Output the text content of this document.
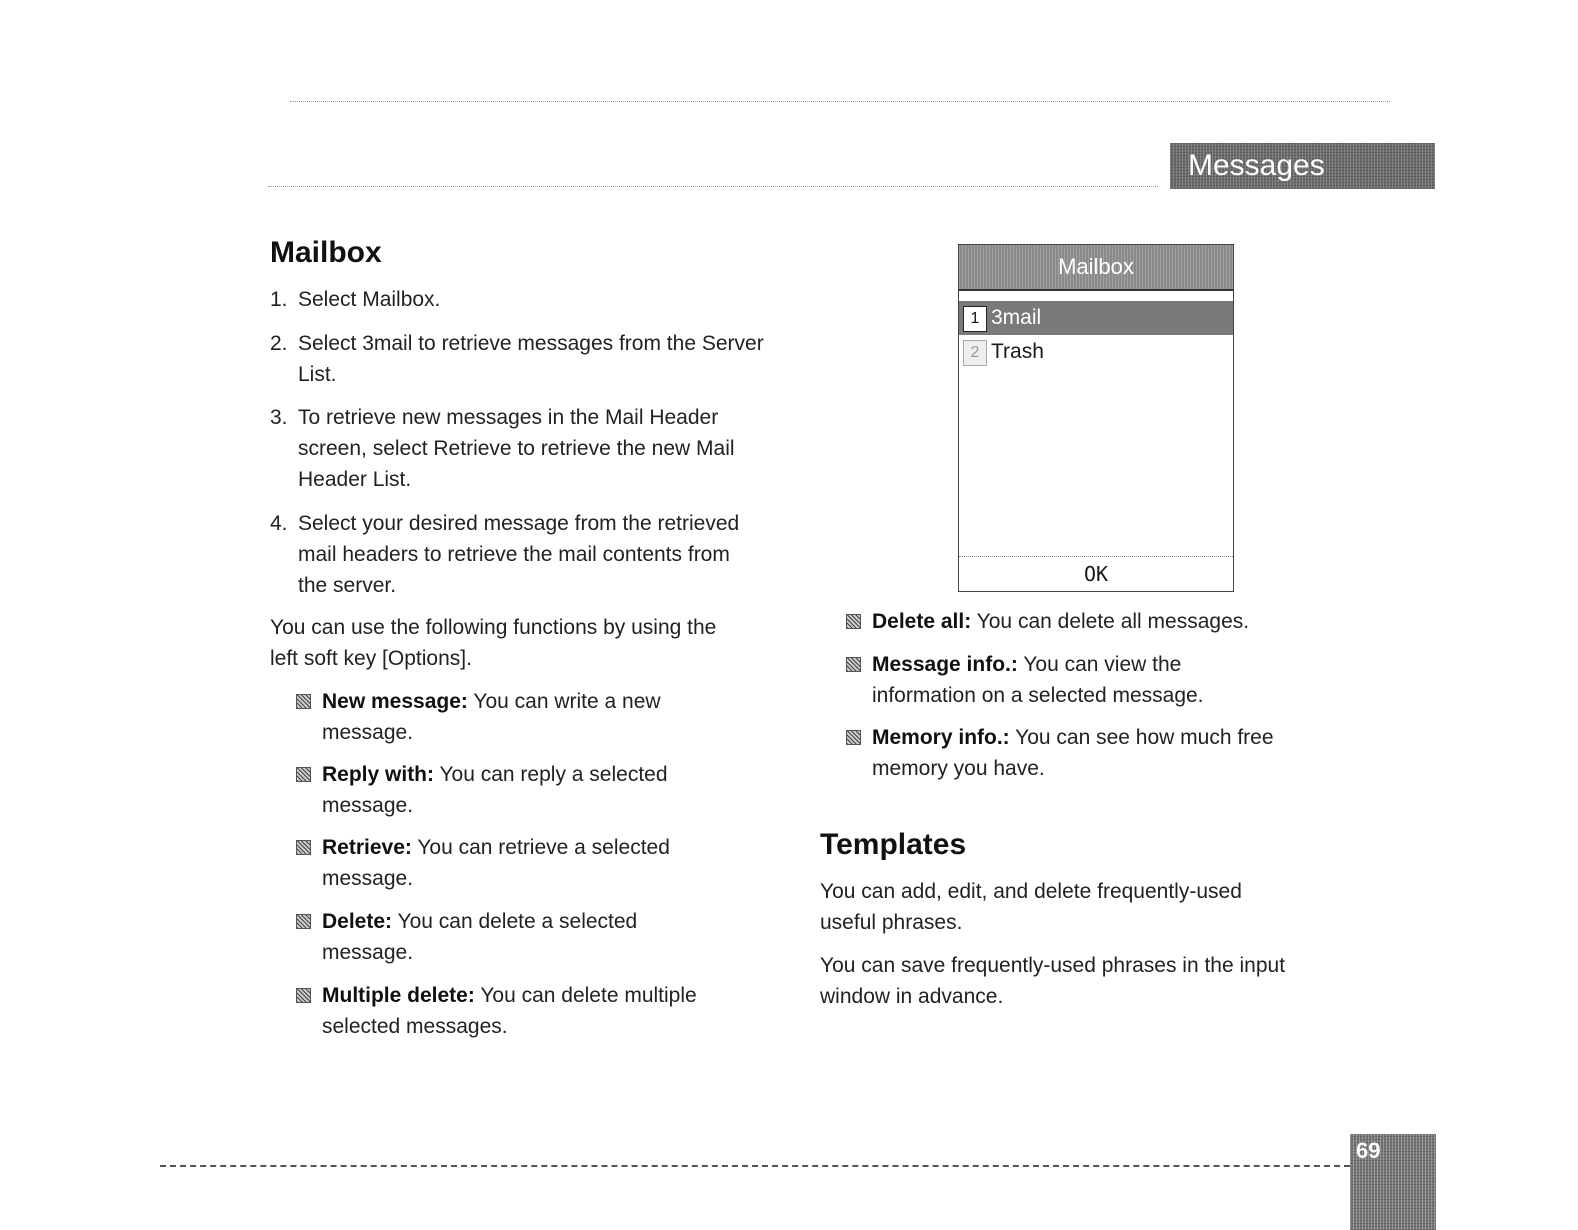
Messages
Mailbox
1. Select Mailbox.
2. Select 3mail to retrieve messages from the Server List.
3. To retrieve new messages in the Mail Header screen, select Retrieve to retrieve the new Mail Header List.
4. Select your desired message from the retrieved mail headers to retrieve the mail contents from the server.

You can use the following functions by using the left soft key [Options].

New message: You can write a new message.
Reply with: You can reply a selected message.
Retrieve: You can retrieve a selected message.
Delete: You can delete a selected message.
Multiple delete: You can delete multiple selected messages.
Mailbox
1 3mail
2 Trash
OK
Delete all: You can delete all messages.
Message info.: You can view the information on a selected message.
Memory info.: You can see how much free memory you have.
Templates

You can add, edit, and delete frequently-used useful phrases.

You can save frequently-used phrases in the input window in advance.

69
